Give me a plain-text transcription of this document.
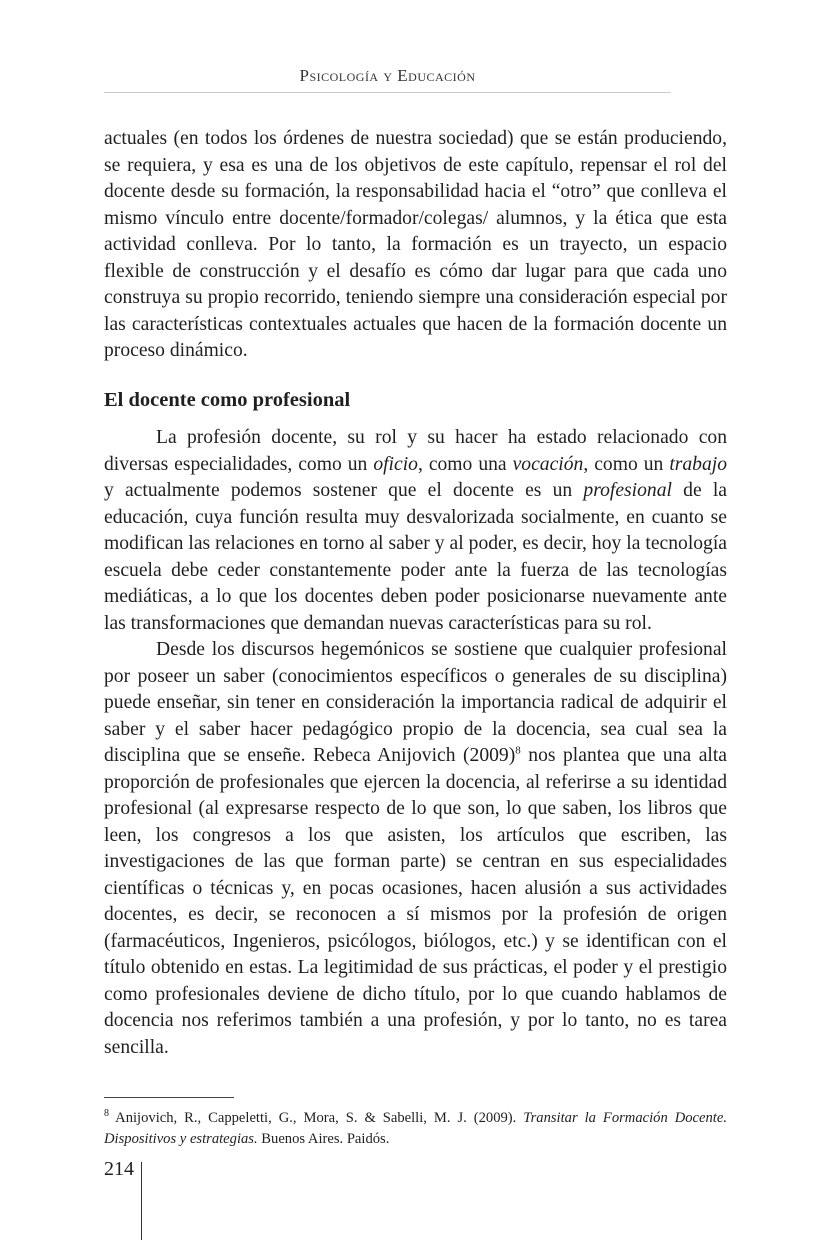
Psicología y Educación

actuales (en todos los órdenes de nuestra sociedad) que se están produciendo, se requiera, y esa es una de los objetivos de este capítulo, repensar el rol del docente desde su formación, la responsabilidad hacia el “otro” que conlleva el mismo vínculo entre docente/formador/colegas/ alumnos, y la ética que esta actividad conlleva. Por lo tanto, la formación es un trayecto, un espacio flexible de construcción y el desafío es cómo dar lugar para que cada uno construya su propio recorrido, teniendo siempre una consideración especial por las características contextuales actuales que hacen de la formación docente un proceso dinámico.

El docente como profesional

La profesión docente, su rol y su hacer ha estado relacionado con diversas especialidades, como un oficio, como una vocación, como un trabajo y actualmente podemos sostener que el docente es un profesional de la educación, cuya función resulta muy desvalorizada socialmente, en cuanto se modifican las relaciones en torno al saber y al poder, es decir, hoy la tecnología escuela debe ceder constantemente poder ante la fuerza de las tecnologías mediáticas, a lo que los docentes deben poder posicionarse nuevamente ante las transformaciones que demandan nuevas características para su rol.

Desde los discursos hegemónicos se sostiene que cualquier profesional por poseer un saber (conocimientos específicos o generales de su disciplina) puede enseñar, sin tener en consideración la importancia radical de adquirir el saber y el saber hacer pedagógico propio de la docencia, sea cual sea la disciplina que se enseñe. Rebeca Anijovich (2009)$^8$ nos plantea que una alta proporción de profesionales que ejercen la docencia, al referirse a su identidad profesional (al expresarse respecto de lo que son, lo que saben, los libros que leen, los congresos a los que asisten, los artículos que escriben, las investigaciones de las que forman parte) se centran en sus especialidades científicas o técnicas y, en pocas ocasiones, hacen alusión a sus actividades docentes, es decir, se reconocen a sí mismos por la profesión de origen (farmacéuticos, Ingenieros, psicólogos, biólogos, etc.) y se identifican con el título obtenido en estas. La legitimidad de sus prácticas, el poder y el prestigio como profesionales deviene de dicho título, por lo que cuando hablamos de docencia nos referimos también a una profesión, y por lo tanto, no es tarea sencilla.

$^8$ Anijovich, R., Cappeletti, G., Mora, S. & Sabelli, M. J. (2009). Transitar la Formación Docente. Dispositivos y estrategias. Buenos Aires. Paidós.
214
